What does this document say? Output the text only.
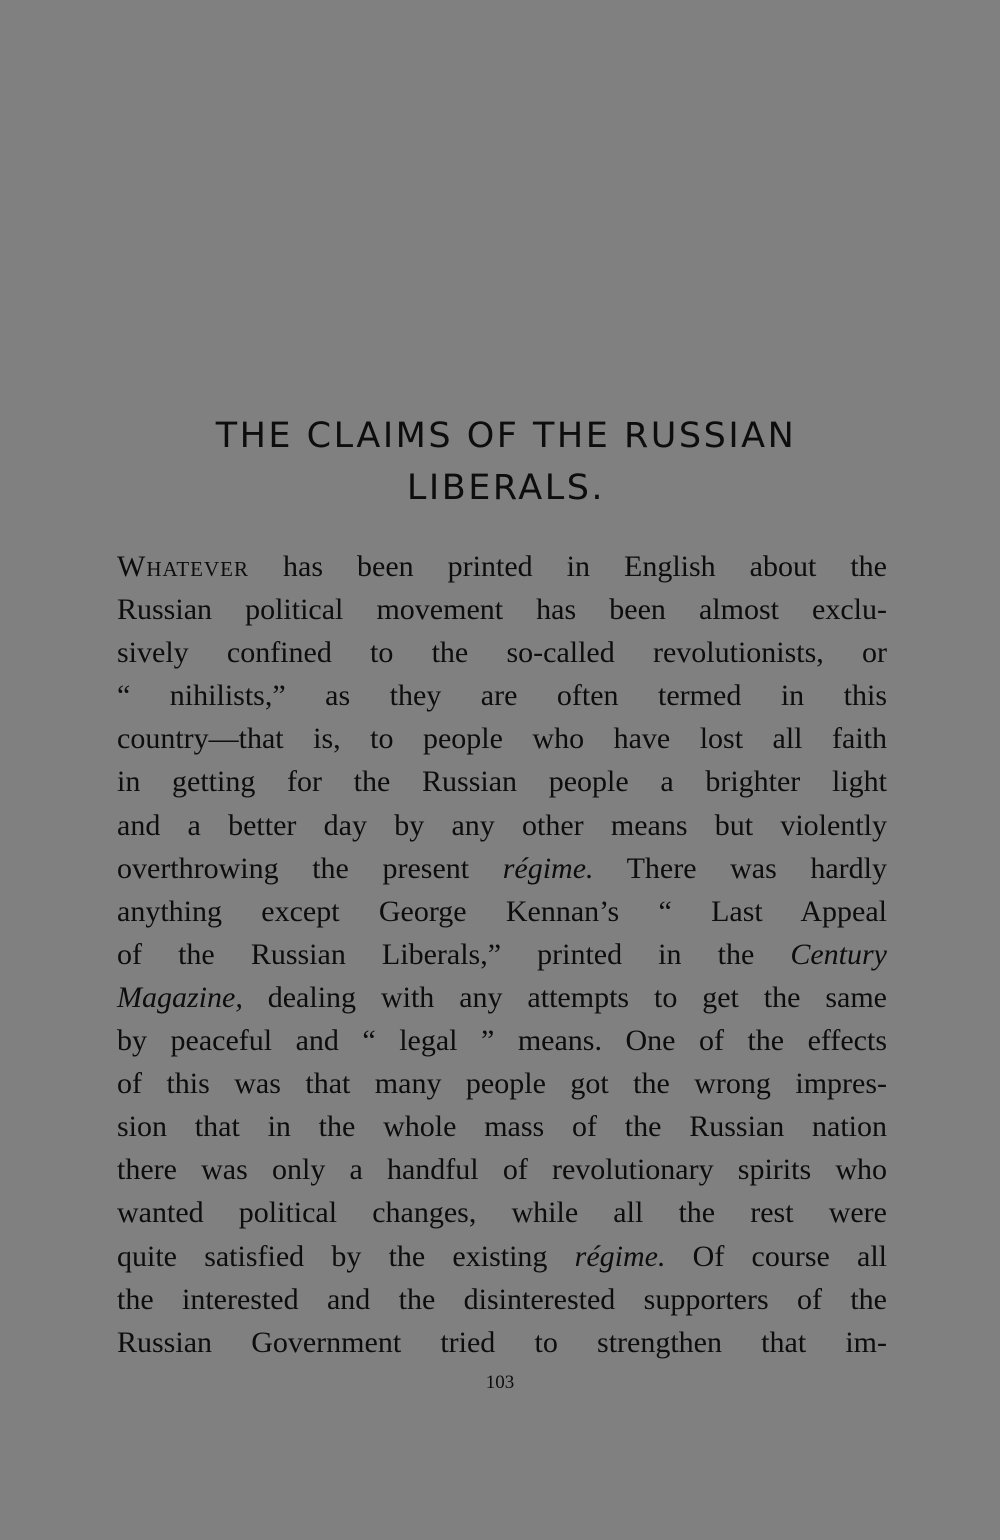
THE CLAIMS OF THE RUSSIAN
LIBERALS.
Whatever has been printed in English about the
Russian political movement has been almost exclu-
sively confined to the so-called revolutionists, or
“ nihilists,” as they are often termed in this
country—that is, to people who have lost all faith
in getting for the Russian people a brighter light
and a better day by any other means but violently
overthrowing the present régime. There was hardly
anything except George Kennan’s “ Last Appeal
of the Russian Liberals,” printed in the Century
Magazine, dealing with any attempts to get the same
by peaceful and “ legal ” means. One of the effects
of this was that many people got the wrong impres-
sion that in the whole mass of the Russian nation
there was only a handful of revolutionary spirits who
wanted political changes, while all the rest were
quite satisfied by the existing régime. Of course all
the interested and the disinterested supporters of the
Russian Government tried to strengthen that im-
103
